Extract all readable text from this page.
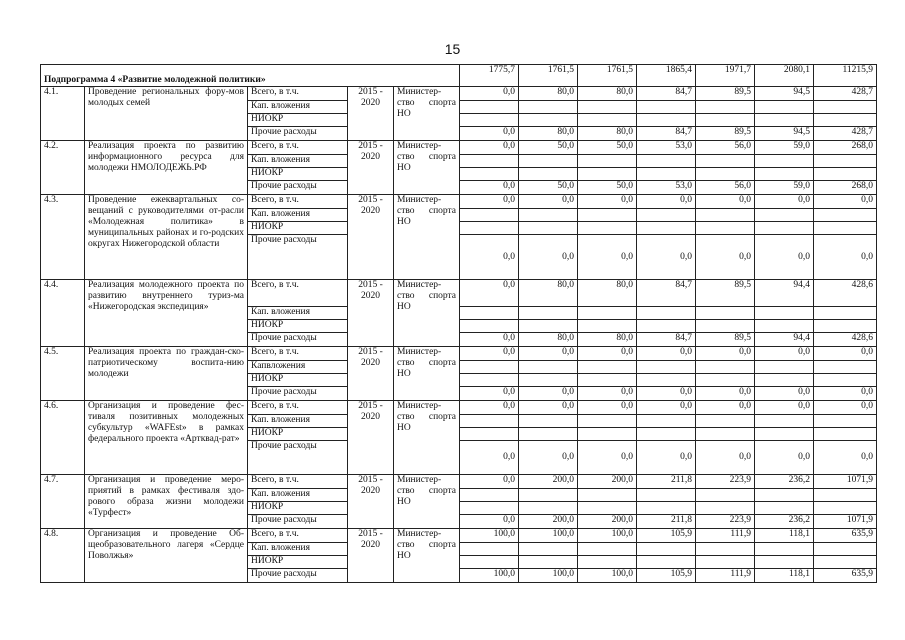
15
Подпрограмма 4 «Развитие молодежной политики»					1775,7	1761,5	1761,5	1865,4	1971,7	2080,1	11215,9
4.1.	Проведение региональных фору-мов молодых семей	Всего, в т.ч.	2015 - 2020	Министер-ство спорта НО	0,0	80,0	80,0	84,7	89,5	94,5	428,7
		Кап. вложения									
		НИОКР									
		Прочие расходы			0,0	80,0	80,0	84,7	89,5	94,5	428,7
4.2.	Реализация проекта по развитию информационного ресурса для молодежи НМОЛОДЕЖЬ.РФ	Всего, в т.ч.	2015 - 2020	Министер-ство спорта НО	0,0	50,0	50,0	53,0	56,0	59,0	268,0
		Кап. вложения									
		НИОКР									
		Прочие расходы			0,0	50,0	50,0	53,0	56,0	59,0	268,0
4.3.	Проведение ежеквартальных со-вещаний с руководителями от-расли «Молодежная политика» в муниципальных районах и го-родских округах Нижегородской области	Всего, в т.ч.	2015 - 2020	Министер-ство спорта НО	0,0	0,0	0,0	0,0	0,0	0,0	0,0
		Кап. вложения									
		НИОКР									
		Прочие расходы			0,0	0,0	0,0	0,0	0,0	0,0	0,0
4.4.	Реализация молодежного проекта по развитию внутреннего туриз-ма «Нижегородская экспедиция»	Всего, в т.ч.	2015 - 2020	Министер-ство спорта НО	0,0	80,0	80,0	84,7	89,5	94,4	428,6
		Кап. вложения									
		НИОКР									
		Прочие расходы			0,0	80,0	80,0	84,7	89,5	94,4	428,6
4.5.	Реализация проекта по граждан-ско-патриотическому воспита-нию молодежи	Всего, в т.ч.	2015 - 2020	Министер-ство спорта НО	0,0	0,0	0,0	0,0	0,0	0,0	0,0
		Капвложения									
		НИОКР									
		Прочие расходы			0,0	0,0	0,0	0,0	0,0	0,0	0,0
4.6.	Организация и проведение фес-тиваля позитивных молодежных субкультур «WAFEst» в рамках федерального проекта «Артквад-рат»	Всего, в т.ч.	2015 - 2020	Министер-ство спорта НО	0,0	0,0	0,0	0,0	0,0	0,0	0,0
		Кап. вложения									
		НИОКР									
		Прочие расходы			0,0	0,0	0,0	0,0	0,0	0,0	0,0
4.7.	Организация и проведение меро-приятий в рамках фестиваля здо-рового образа жизни молодежи «Турфест»	Всего, в т.ч.	2015 - 2020	Министер-ство спорта НО	0,0	200,0	200,0	211,8	223,9	236,2	1071,9
		Кап. вложения									
		НИОКР									
		Прочие расходы			0,0	200,0	200,0	211,8	223,9	236,2	1071,9
4.8.	Организация и проведение Об-щеобразовательного лагеря «Сердце Поволжья»	Всего, в т.ч.	2015 - 2020	Министер-ство спорта НО	100,0	100,0	100,0	105,9	111,9	118,1	635,9
		Кап. вложения									
		НИОКР									
		Прочие расходы			100,0	100,0	100,0	105,9	111,9	118,1	635,9
